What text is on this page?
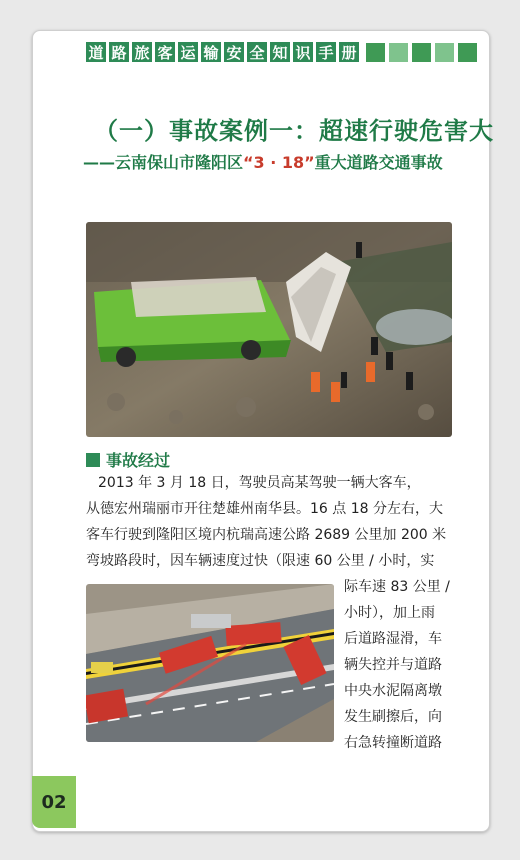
道 路 旅 客 运 输 安 全 知 识 手 册
（一）事故案例一：超速行驶危害大
——云南保山市隆阳区“3 · 18”重大道路交通事故
事故经过
2013 年 3 月 18 日，驾驶员高某驾驶一辆大客车，
从德宏州瑞丽市开往楚雄州南华县。16 点 18 分左右，大
客车行驶到隆阳区境内杭瑞高速公路 2689 公里加 200 米
弯坡路段时，因车辆速度过快（限速 60 公里 / 小时，实
际车速 83 公里 /
小时），加上雨
后道路湿滑，车
辆失控并与道路
中央水泥隔离墩
发生刷擦后，向
右急转撞断道路
02
